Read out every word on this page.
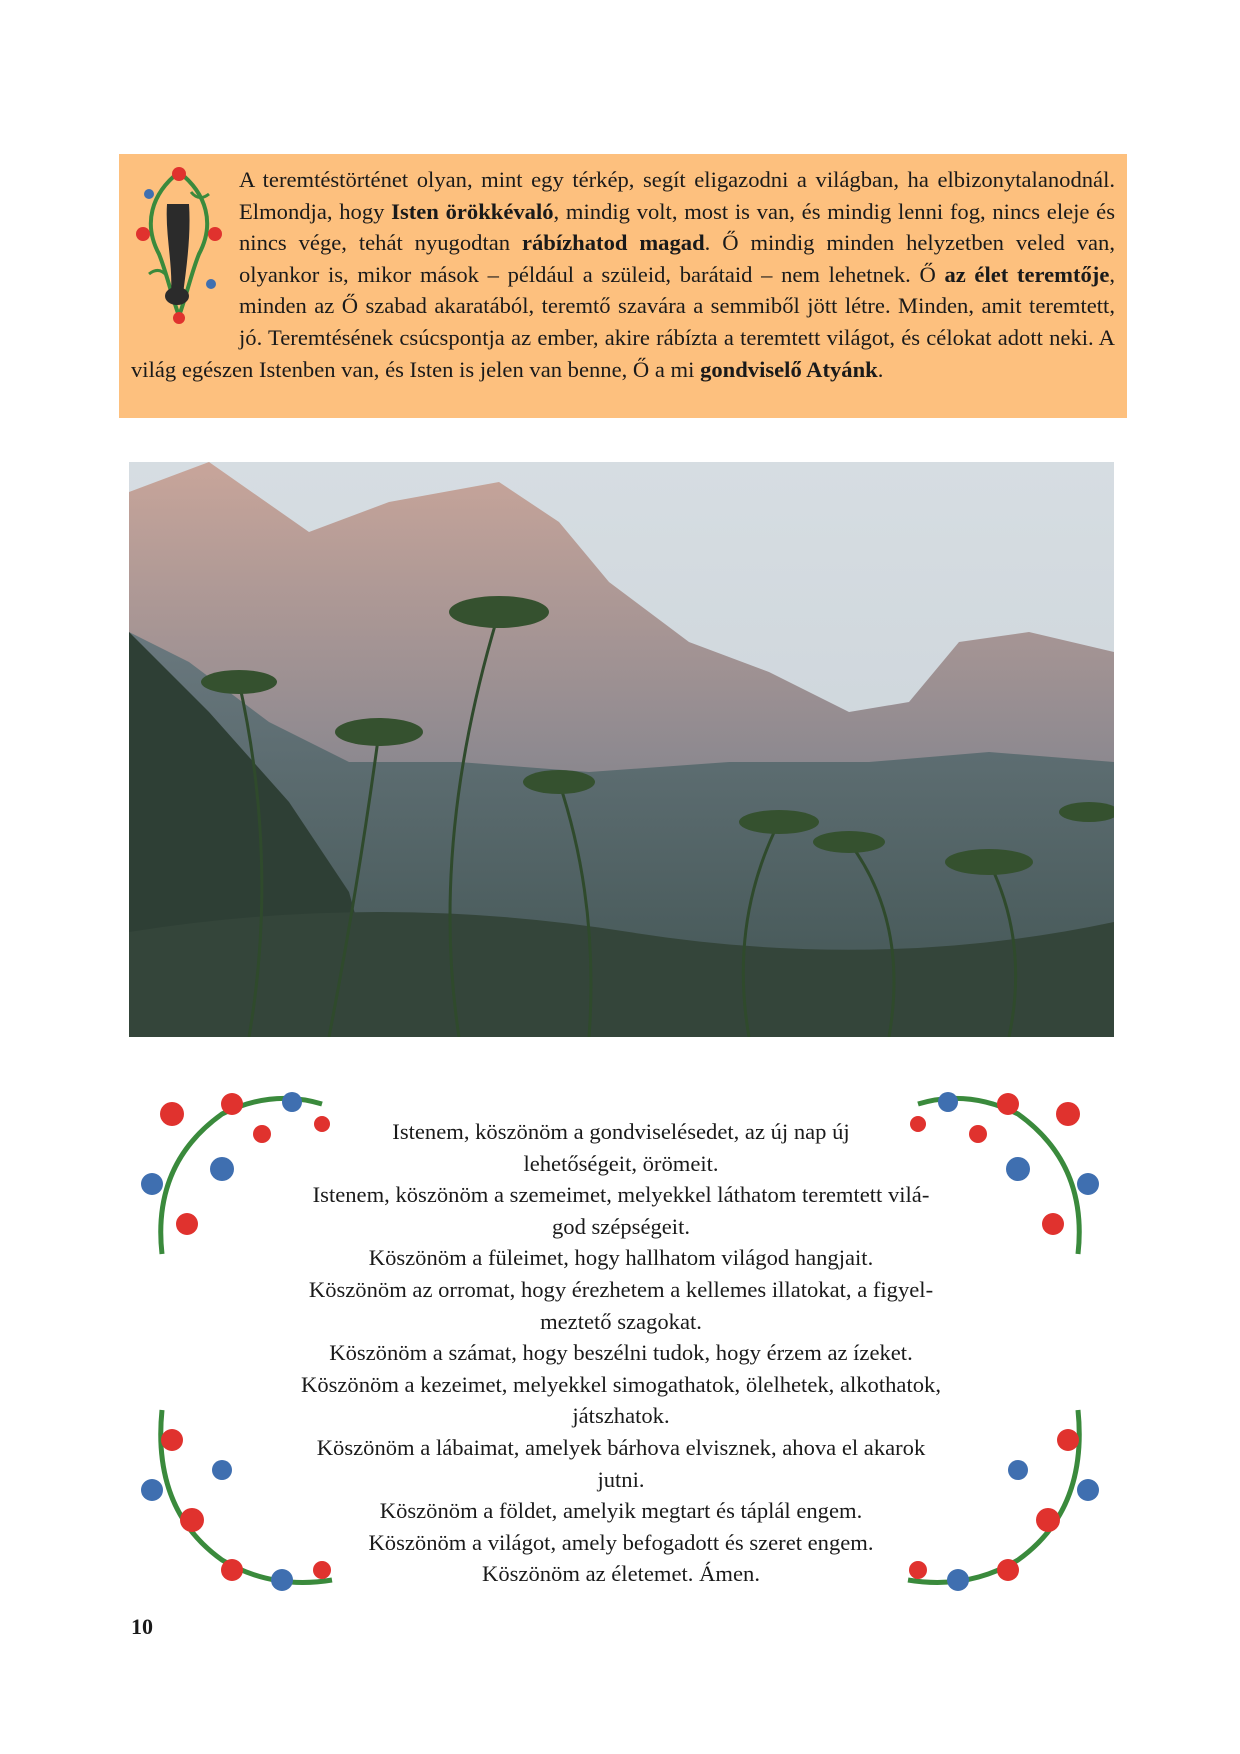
A teremtéstörténet olyan, mint egy térkép, segít eligazodni a világban, ha elbizonytalanodnál. Elmondja, hogy Isten örökkévaló, mindig volt, most is van, és mindig lenni fog, nincs eleje és nincs vége, tehát nyugodtan rábízhatod magad. Ő mindig minden helyzetben veled van, olyankor is, mikor mások – például a szüleid, barátaid – nem lehetnek. Ő az élet teremtője, minden az Ő szabad akaratából, teremtő szavára a semmiből jött létre. Minden, amit teremtett, jó. Teremtésének csúcspontja az ember, akire rábízta a teremtett világot, és célokat adott neki. A világ egészen Istenben van, és Isten is jelen van benne, Ő a mi gondviselő Atyánk.

Istenem, köszönöm a gondviselésedet, az új nap új

lehetőségeit, örömeit.

Istenem, köszönöm a szemeimet, melyekkel láthatom teremtett vilá-

god szépségeit.

Köszönöm a füleimet, hogy hallhatom világod hangjait.

Köszönöm az orromat, hogy érezhetem a kellemes illatokat, a figyel-

meztető szagokat.

Köszönöm a számat, hogy beszélni tudok, hogy érzem az ízeket.

Köszönöm a kezeimet, melyekkel simogathatok, ölelhetek, alkothatok,

játszhatok.

Köszönöm a lábaimat, amelyek bárhova elvisznek, ahova el akarok

jutni.

Köszönöm a földet, amelyik megtart és táplál engem.

Köszönöm a világot, amely befogadott és szeret engem.

Köszönöm az életemet. Ámen.

10
